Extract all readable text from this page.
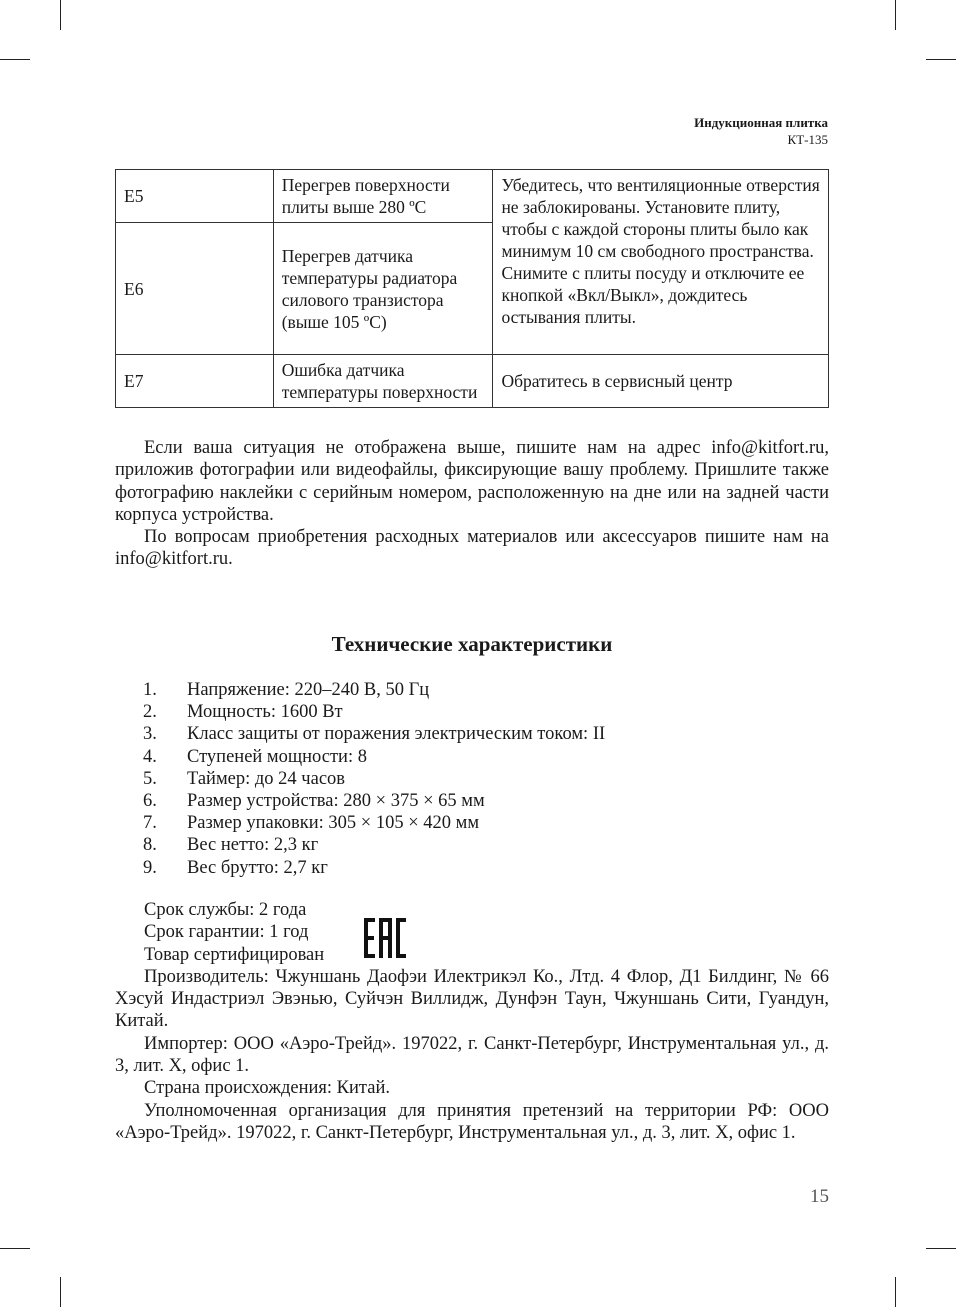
Индукционная плитка
КТ-135
E5	Перегрев поверхности плиты выше 280 ºС	Убедитесь, что вентиляционные отверстия не заблокированы. Установите плиту, чтобы с каждой стороны плиты было как минимум 10 см свободного пространства. Снимите с плиты посуду и отключите ее кнопкой «Вкл/Выкл», дождитесь остывания плиты.
E6	Перегрев датчика температуры радиатора силового транзистора (выше 105 ºС)	
E7	Ошибка датчика температуры поверхности	Обратитесь в сервисный центр

Если ваша ситуация не отображена выше, пишите нам на адрес info@kitfort.ru, приложив фотографии или видеофайлы, фиксирующие вашу проблему. Пришлите также фотографию наклейки с серийным номером, расположенную на дне или на задней части корпуса устройства.

По вопросам приобретения расходных материалов или аксессуаров пишите нам на info@kitfort.ru.

Технические характеристики
1. Напряжение: 220–240 В, 50 Гц
2. Мощность: 1600 Вт
3. Класс защиты от поражения электрическим током: II
4. Ступеней мощности: 8
5. Таймер: до 24 часов
6. Размер устройства: 280 × 375 × 65 мм
7. Размер упаковки: 305 × 105 × 420 мм
8. Вес нетто: 2,3 кг
9. Вес брутто: 2,7 кг

Срок службы: 2 года

Срок гарантии: 1 год

Товар сертифицирован

Производитель: Чжуншань Даофэи Илектрикэл Ко., Лтд. 4 Флор, Д1 Билдинг, № 66 Хэсуй Индастриэл Эвэнью, Суйчэн Виллидж, Дунфэн Таун, Чжуншань Сити, Гуандун, Китай.

Импортер: ООО «Аэро-Трейд». 197022, г. Санкт-Петербург, Инструментальная ул., д. 3, лит. Х, офис 1.

Страна происхождения: Китай.

Уполномоченная организация для принятия претензий на территории РФ: ООО «Аэро-Трейд». 197022, г. Санкт-Петербург, Инструментальная ул., д. 3, лит. Х, офис 1.

15
